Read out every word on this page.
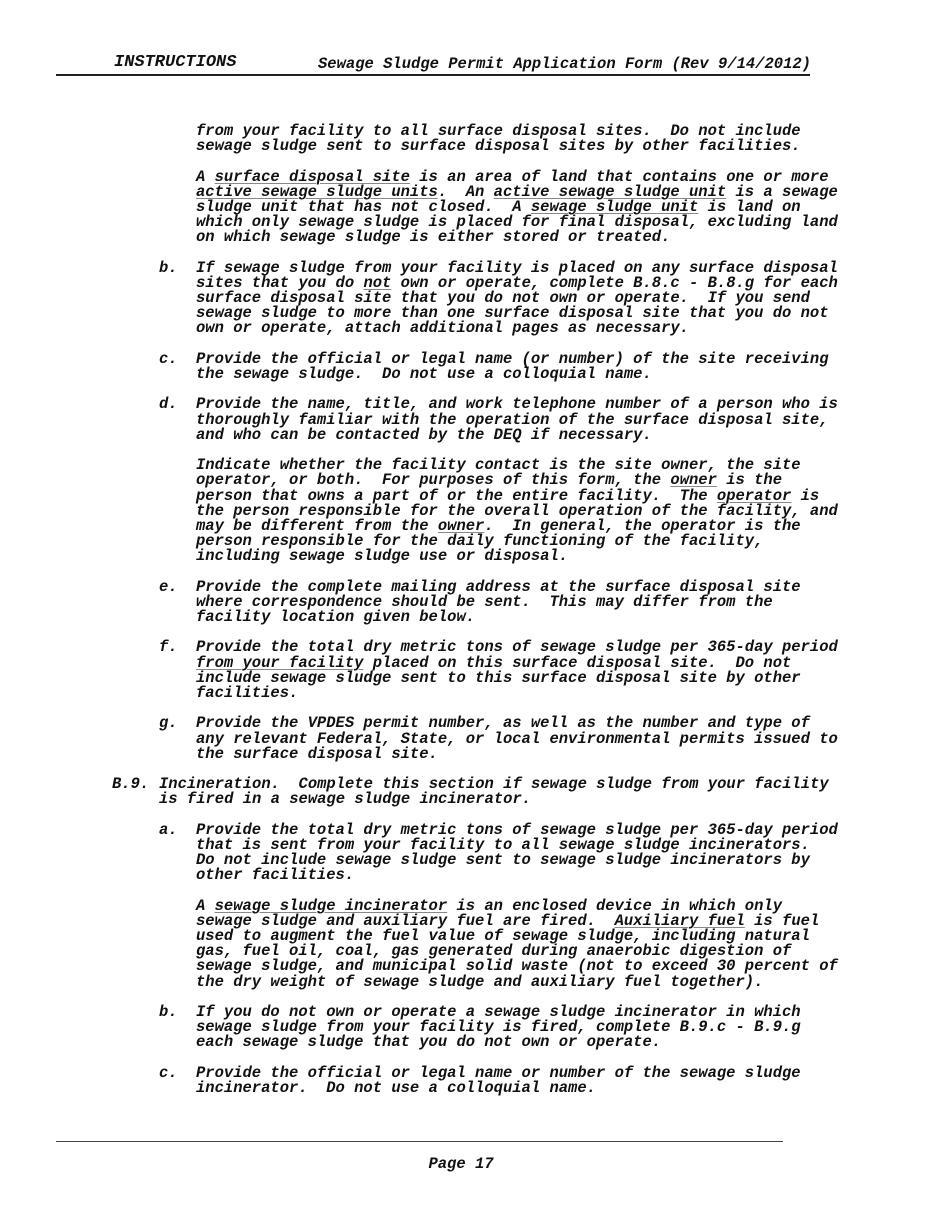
INSTRUCTIONS	Sewage Sludge Permit Application Form (Rev 9/14/2012)
from your facility to all surface disposal sites.  Do not include
sewage sludge sent to surface disposal sites by other facilities.
A surface disposal site is an area of land that contains one or more
active sewage sludge units.  An active sewage sludge unit is a sewage
sludge unit that has not closed.  A sewage sludge unit is land on
which only sewage sludge is placed for final disposal, excluding land
on which sewage sludge is either stored or treated.
b. If sewage sludge from your facility is placed on any surface disposal
sites that you do not own or operate, complete B.8.c - B.8.g for each
surface disposal site that you do not own or operate.  If you send
sewage sludge to more than one surface disposal site that you do not
own or operate, attach additional pages as necessary.
c. Provide the official or legal name (or number) of the site receiving
the sewage sludge.  Do not use a colloquial name.
d. Provide the name, title, and work telephone number of a person who is
thoroughly familiar with the operation of the surface disposal site,
and who can be contacted by the DEQ if necessary.
Indicate whether the facility contact is the site owner, the site
operator, or both.  For purposes of this form, the owner is the
person that owns a part of or the entire facility.  The operator is
the person responsible for the overall operation of the facility, and
may be different from the owner.  In general, the operator is the
person responsible for the daily functioning of the facility,
including sewage sludge use or disposal.
e. Provide the complete mailing address at the surface disposal site
where correspondence should be sent.  This may differ from the
facility location given below.
f. Provide the total dry metric tons of sewage sludge per 365-day period
from your facility placed on this surface disposal site.  Do not
include sewage sludge sent to this surface disposal site by other
facilities.
g. Provide the VPDES permit number, as well as the number and type of
any relevant Federal, State, or local environmental permits issued to
the surface disposal site.
B.9. Incineration.  Complete this section if sewage sludge from your facility
is fired in a sewage sludge incinerator.
a. Provide the total dry metric tons of sewage sludge per 365-day period
that is sent from your facility to all sewage sludge incinerators.
Do not include sewage sludge sent to sewage sludge incinerators by
other facilities.
A sewage sludge incinerator is an enclosed device in which only
sewage sludge and auxiliary fuel are fired.  Auxiliary fuel is fuel
used to augment the fuel value of sewage sludge, including natural
gas, fuel oil, coal, gas generated during anaerobic digestion of
sewage sludge, and municipal solid waste (not to exceed 30 percent of
the dry weight of sewage sludge and auxiliary fuel together).
b. If you do not own or operate a sewage sludge incinerator in which
sewage sludge from your facility is fired, complete B.9.c - B.9.g
each sewage sludge that you do not own or operate.
c. Provide the official or legal name or number of the sewage sludge
incinerator.  Do not use a colloquial name.
Page 17
